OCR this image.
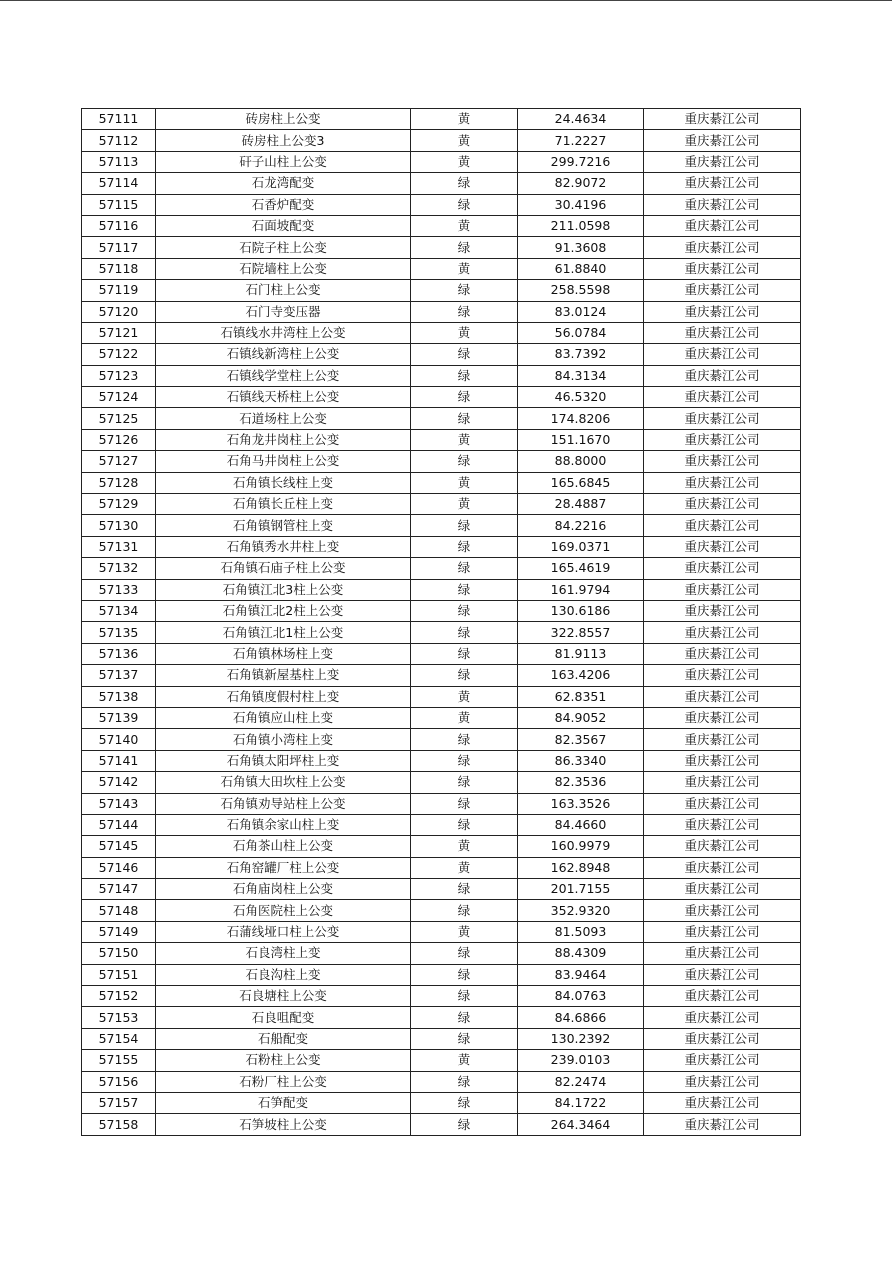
57111	砖房柱上公变	黄	24.4634	重庆綦江公司
57112	砖房柱上公变3	黄	71.2227	重庆綦江公司
57113	矸子山柱上公变	黄	299.7216	重庆綦江公司
57114	石龙湾配变	绿	82.9072	重庆綦江公司
57115	石香炉配变	绿	30.4196	重庆綦江公司
57116	石面坡配变	黄	211.0598	重庆綦江公司
57117	石院子柱上公变	绿	91.3608	重庆綦江公司
57118	石院墙柱上公变	黄	61.8840	重庆綦江公司
57119	石门柱上公变	绿	258.5598	重庆綦江公司
57120	石门寺变压器	绿	83.0124	重庆綦江公司
57121	石镇线水井湾柱上公变	黄	56.0784	重庆綦江公司
57122	石镇线新湾柱上公变	绿	83.7392	重庆綦江公司
57123	石镇线学堂柱上公变	绿	84.3134	重庆綦江公司
57124	石镇线天桥柱上公变	绿	46.5320	重庆綦江公司
57125	石道场柱上公变	绿	174.8206	重庆綦江公司
57126	石角龙井岗柱上公变	黄	151.1670	重庆綦江公司
57127	石角马井岗柱上公变	绿	88.8000	重庆綦江公司
57128	石角镇长线柱上变	黄	165.6845	重庆綦江公司
57129	石角镇长丘柱上变	黄	28.4887	重庆綦江公司
57130	石角镇钢管柱上变	绿	84.2216	重庆綦江公司
57131	石角镇秀水井柱上变	绿	169.0371	重庆綦江公司
57132	石角镇石庙子柱上公变	绿	165.4619	重庆綦江公司
57133	石角镇江北3柱上公变	绿	161.9794	重庆綦江公司
57134	石角镇江北2柱上公变	绿	130.6186	重庆綦江公司
57135	石角镇江北1柱上公变	绿	322.8557	重庆綦江公司
57136	石角镇林场柱上变	绿	81.9113	重庆綦江公司
57137	石角镇新屋基柱上变	绿	163.4206	重庆綦江公司
57138	石角镇度假村柱上变	黄	62.8351	重庆綦江公司
57139	石角镇应山柱上变	黄	84.9052	重庆綦江公司
57140	石角镇小湾柱上变	绿	82.3567	重庆綦江公司
57141	石角镇太阳坪柱上变	绿	86.3340	重庆綦江公司
57142	石角镇大田坎柱上公变	绿	82.3536	重庆綦江公司
57143	石角镇劝导站柱上公变	绿	163.3526	重庆綦江公司
57144	石角镇余家山柱上变	绿	84.4660	重庆綦江公司
57145	石角茶山柱上公变	黄	160.9979	重庆綦江公司
57146	石角窑罐厂柱上公变	黄	162.8948	重庆綦江公司
57147	石角庙岗柱上公变	绿	201.7155	重庆綦江公司
57148	石角医院柱上公变	绿	352.9320	重庆綦江公司
57149	石蒲线垭口柱上公变	黄	81.5093	重庆綦江公司
57150	石良湾柱上变	绿	88.4309	重庆綦江公司
57151	石良沟柱上变	绿	83.9464	重庆綦江公司
57152	石良塘柱上公变	绿	84.0763	重庆綦江公司
57153	石良咀配变	绿	84.6866	重庆綦江公司
57154	石船配变	绿	130.2392	重庆綦江公司
57155	石粉柱上公变	黄	239.0103	重庆綦江公司
57156	石粉厂柱上公变	绿	82.2474	重庆綦江公司
57157	石笋配变	绿	84.1722	重庆綦江公司
57158	石笋坡柱上公变	绿	264.3464	重庆綦江公司
